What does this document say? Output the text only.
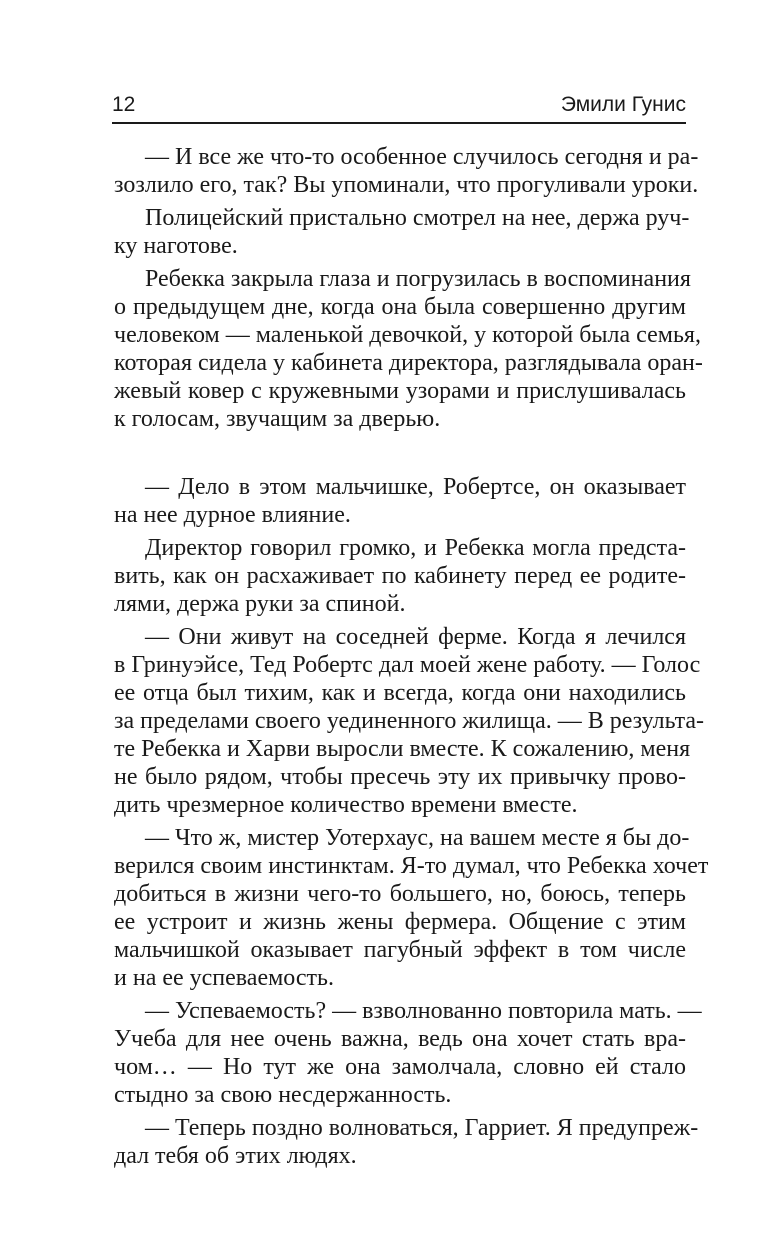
12	Эмили Гунис
— И все же что-то особенное случилось сегодня и ра-
зозлило его, так? Вы упоминали, что прогуливали уроки.
Полицейский пристально смотрел на нее, держа руч-
ку наготове.
Ребекка закрыла глаза и погрузилась в воспоминания
о предыдущем дне, когда она была совершенно другим
человеком — маленькой девочкой, у которой была семья,
которая сидела у кабинета директора, разглядывала оран-
жевый ковер с кружевными узорами и прислушивалась
к голосам, звучащим за дверью.
— Дело в этом мальчишке, Робертсе, он оказывает
на нее дурное влияние.
Директор говорил громко, и Ребекка могла предста-
вить, как он расхаживает по кабинету перед ее родите-
лями, держа руки за спиной.
— Они живут на соседней ферме. Когда я лечился
в Гринуэйсе, Тед Робертс дал моей жене работу. — Голос
ее отца был тихим, как и всегда, когда они находились
за пределами своего уединенного жилища. — В результа-
те Ребекка и Харви выросли вместе. К сожалению, меня
не было рядом, чтобы пресечь эту их привычку прово-
дить чрезмерное количество времени вместе.
— Что ж, мистер Уотерхаус, на вашем месте я бы до-
верился своим инстинктам. Я-то думал, что Ребекка хочет
добиться в жизни чего-то большего, но, боюсь, теперь
ее устроит и жизнь жены фермера. Общение с этим
мальчишкой оказывает пагубный эффект в том числе
и на ее успеваемость.
— Успеваемость? — взволнованно повторила мать. —
Учеба для нее очень важна, ведь она хочет стать вра-
чом… — Но тут же она замолчала, словно ей стало
стыдно за свою несдержанность.
— Теперь поздно волноваться, Гарриет. Я предупреж-
дал тебя об этих людях.
